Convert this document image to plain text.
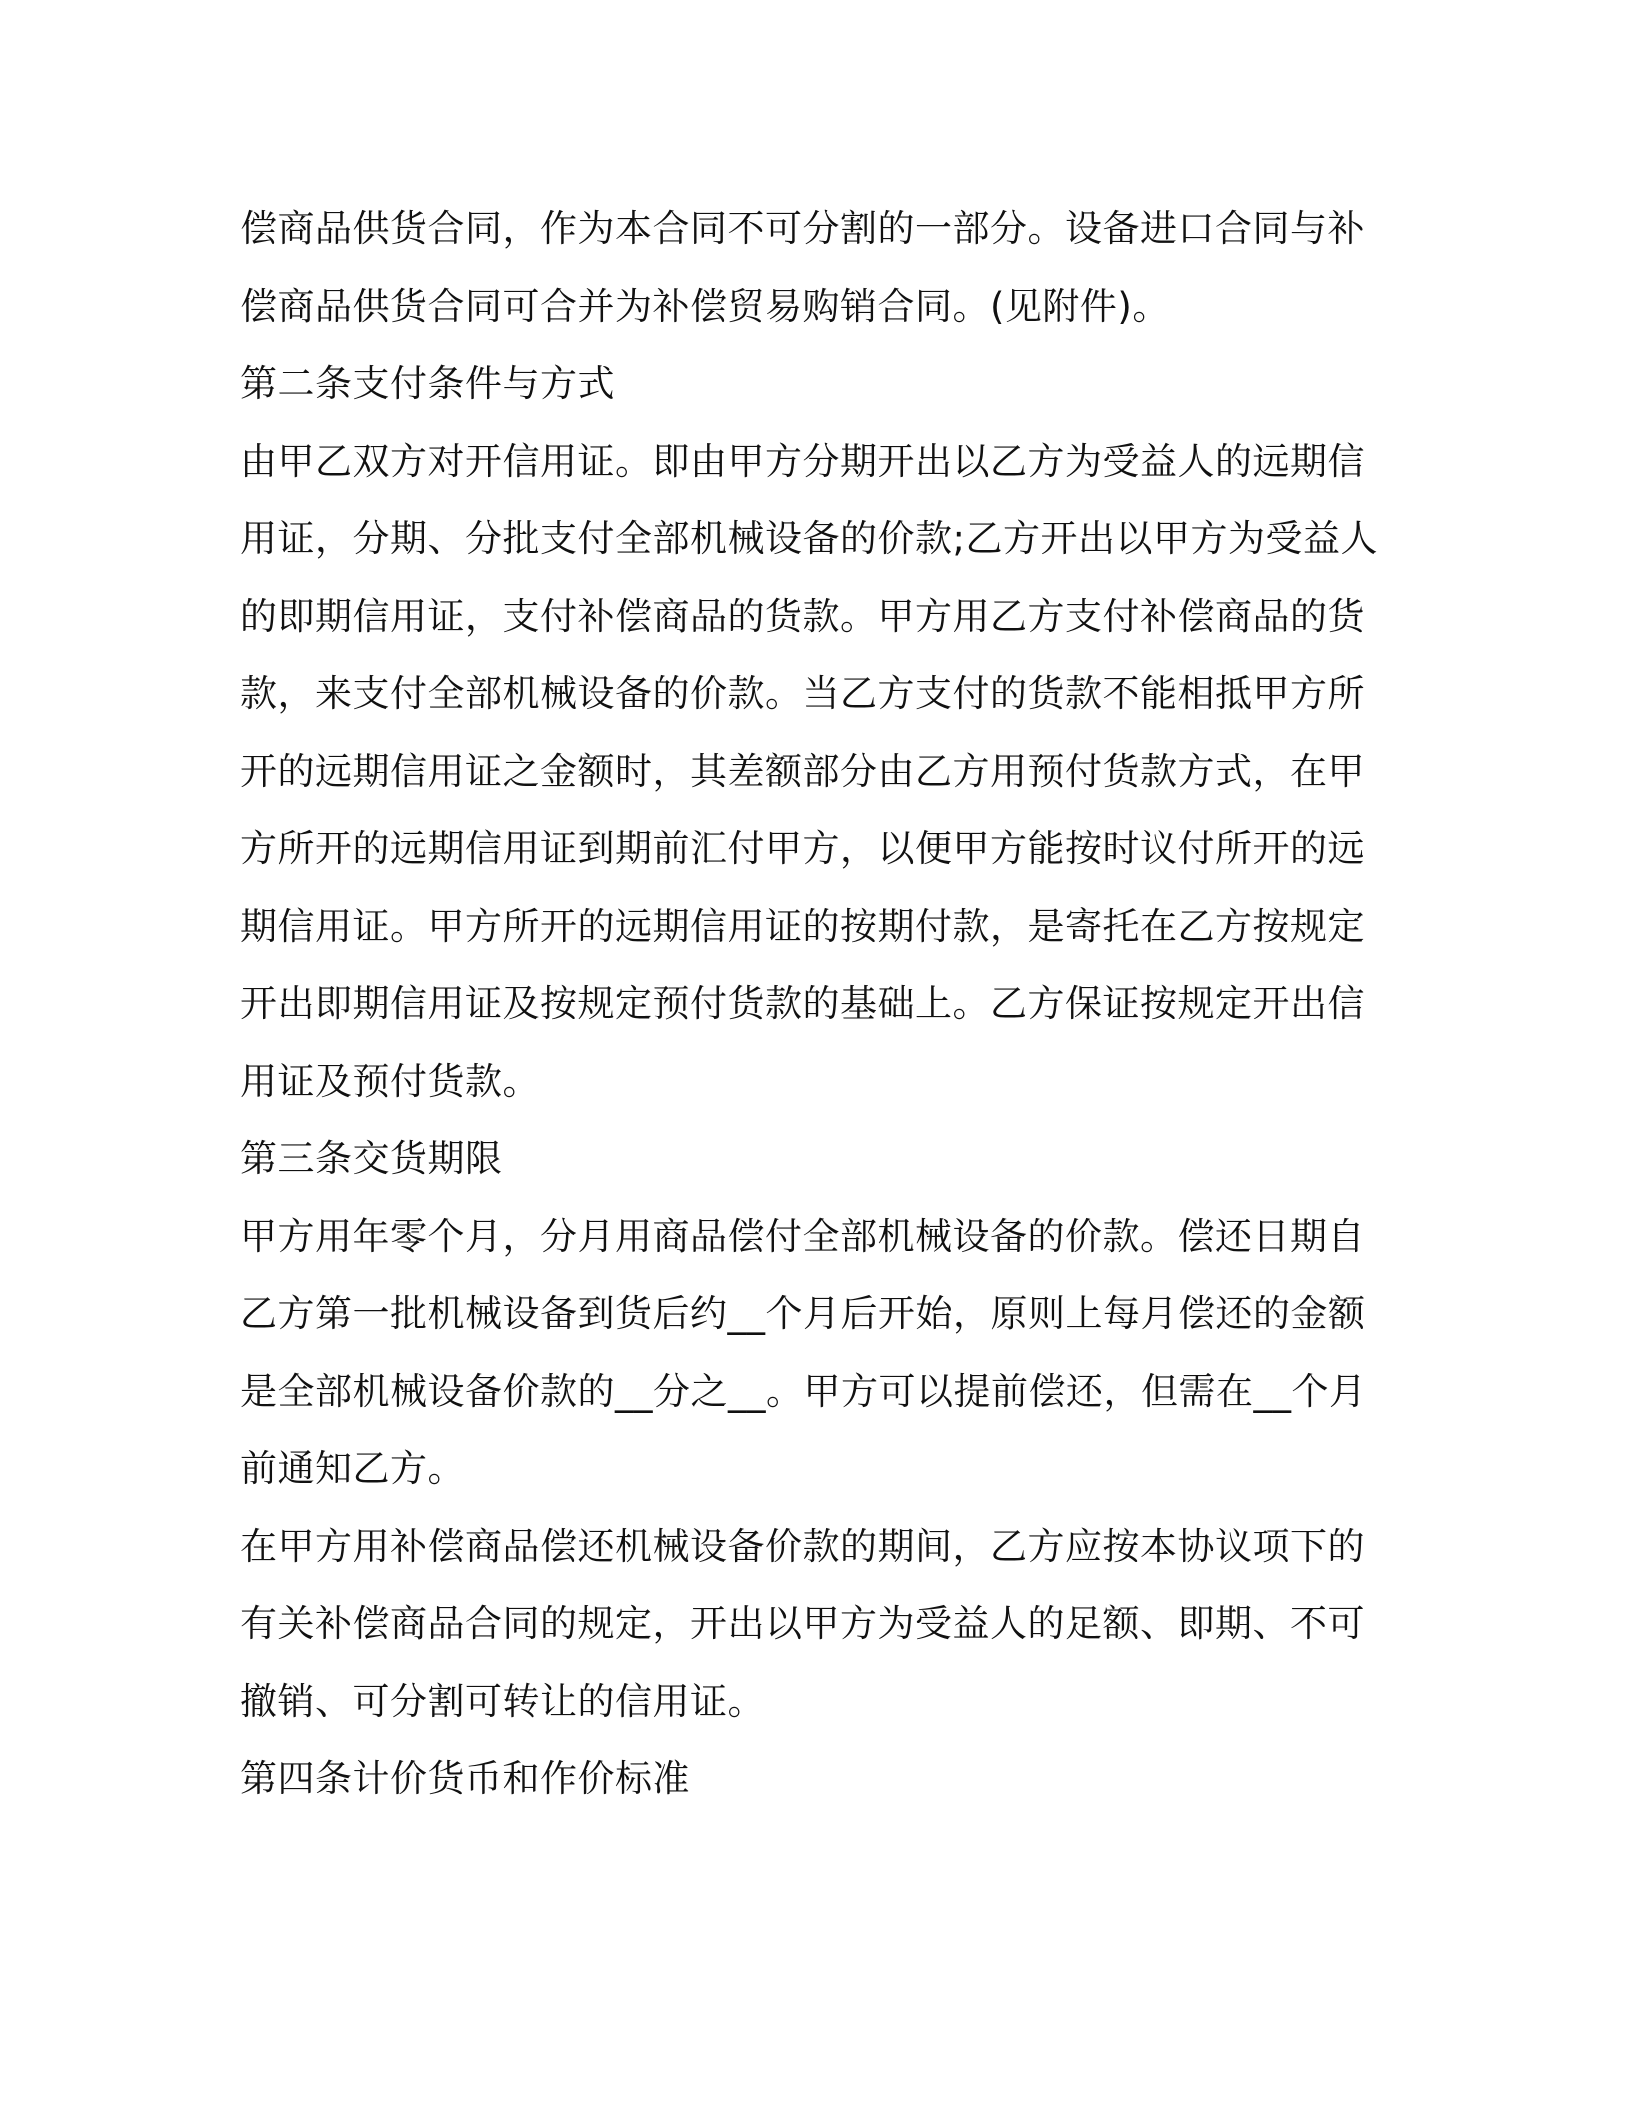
偿商品供货合同，作为本合同不可分割的一部分。设备进口合同与补
偿商品供货合同可合并为补偿贸易购销合同。(见附件)。
第二条支付条件与方式
由甲乙双方对开信用证。即由甲方分期开出以乙方为受益人的远期信
用证，分期、分批支付全部机械设备的价款;乙方开出以甲方为受益人
的即期信用证，支付补偿商品的货款。甲方用乙方支付补偿商品的货
款，来支付全部机械设备的价款。当乙方支付的货款不能相抵甲方所
开的远期信用证之金额时，其差额部分由乙方用预付货款方式，在甲
方所开的远期信用证到期前汇付甲方，以便甲方能按时议付所开的远
期信用证。甲方所开的远期信用证的按期付款，是寄托在乙方按规定
开出即期信用证及按规定预付货款的基础上。乙方保证按规定开出信
用证及预付货款。
第三条交货期限
甲方用年零个月，分月用商品偿付全部机械设备的价款。偿还日期自
乙方第一批机械设备到货后约__个月后开始，原则上每月偿还的金额
是全部机械设备价款的__分之__。甲方可以提前偿还，但需在__个月
前通知乙方。
在甲方用补偿商品偿还机械设备价款的期间，乙方应按本协议项下的
有关补偿商品合同的规定，开出以甲方为受益人的足额、即期、不可
撤销、可分割可转让的信用证。
第四条计价货币和作价标准
